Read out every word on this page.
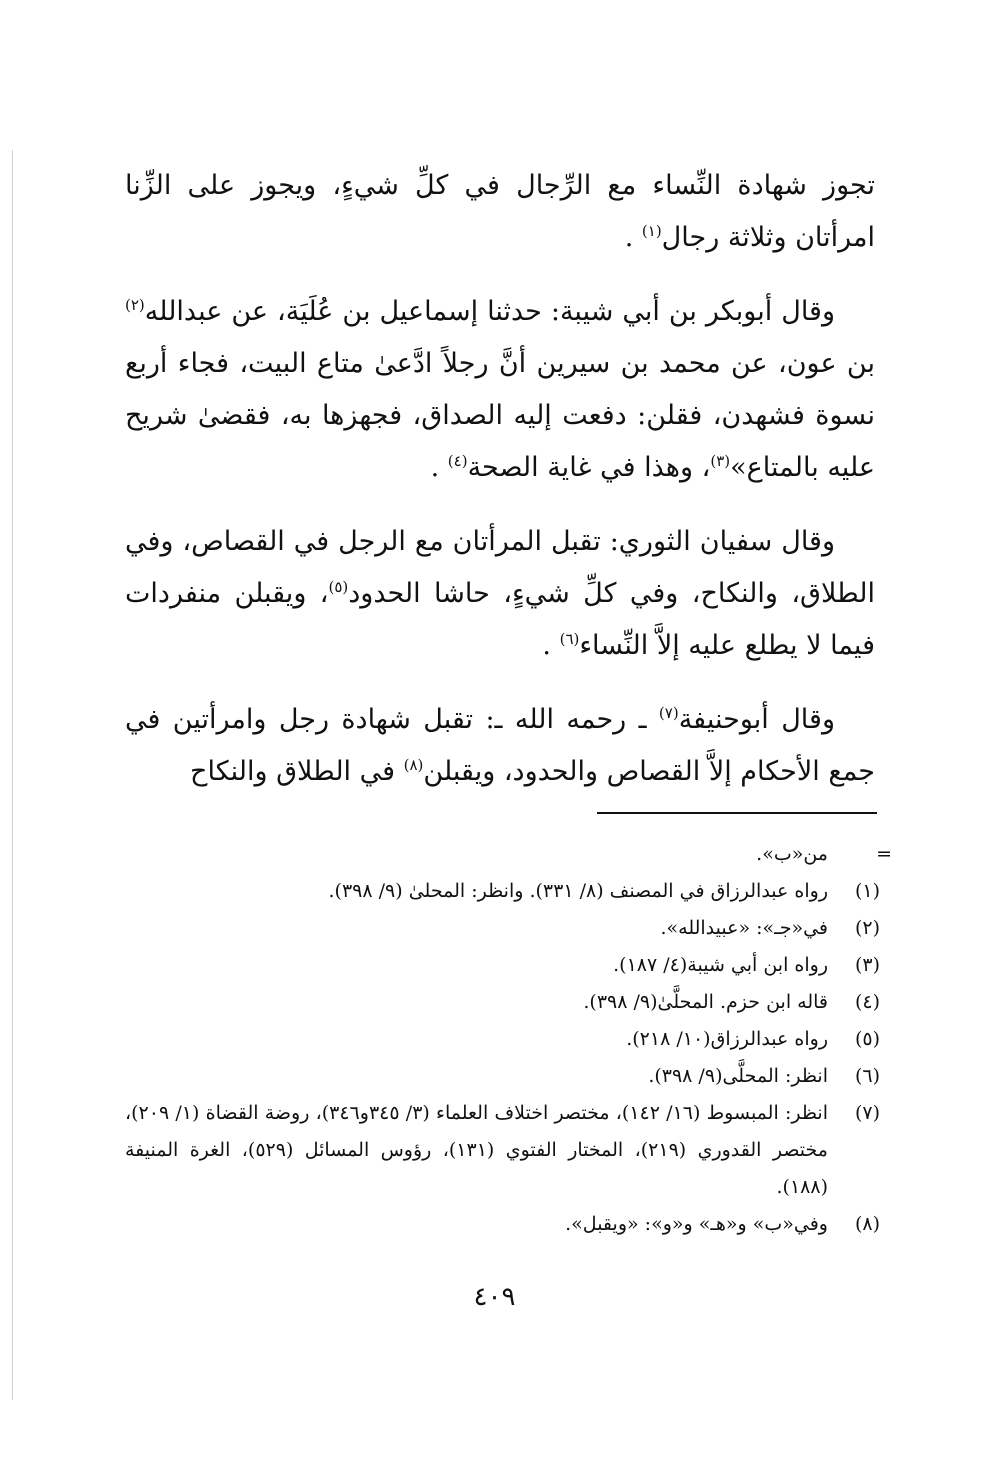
تجوز شهادة النِّساء مع الرِّجال في كلِّ شيءٍ، ويجوز على الزِّنا امرأتان وثلاثة رجال$^{(١)}$ .

وقال أبوبكر بن أبي شيبة: حدثنا إسماعيل بن عُلَيَة، عن عبدالله$^{(٢)}$ بن عون، عن محمد بن سيرين أنَّ رجلاً ادَّعىٰ متاع البيت، فجاء أربع نسوة فشهدن، فقلن: دفعت إليه الصداق، فجهزها به، فقضىٰ شريح عليه بالمتاع»$^{(٣)}$، وهذا في غاية الصحة$^{(٤)}$ .

وقال سفيان الثوري: تقبل المرأتان مع الرجل في القصاص، وفي الطلاق، والنكاح، وفي كلِّ شيءٍ، حاشا الحدود$^{(٥)}$، ويقبلن منفردات فيما لا يطلع عليه إلاَّ النِّساء$^{(٦)}$ .

وقال أبوحنيفة$^{(٧)}$ ـ رحمه الله ـ: تقبل شهادة رجل وامرأتين في جمع الأحكام إلاَّ القصاص والحدود، ويقبلن$^{(٨)}$ في الطلاق والنكاح

=
من«ب».
(١)
رواه عبدالرزاق في المصنف (٨/ ٣٣١). وانظر: المحلىٰ (٩/ ٣٩٨).
(٢)
في«جـ»: «عبيدالله».
(٣)
رواه ابن أبي شيبة(٤/ ١٨٧).
(٤)
قاله ابن حزم. المحلَّىٰ(٩/ ٣٩٨).
(٥)
رواه عبدالرزاق(١٠/ ٢١٨).
(٦)
انظر: المحلَّى(٩/ ٣٩٨).
(٧)
انظر: المبسوط (١٦/ ١٤٢)، مختصر اختلاف العلماء (٣/ ٣٤٥و٣٤٦)، روضة القضاة (١/ ٢٠٩)، مختصر القدوري (٢١٩)، المختار الفتوي (١٣١)، رؤوس المسائل (٥٢٩)، الغرة المنيفة (١٨٨).
(٨)
وفي«ب» و«هـ» و«و»: «ويقبل».
٤٠٩
